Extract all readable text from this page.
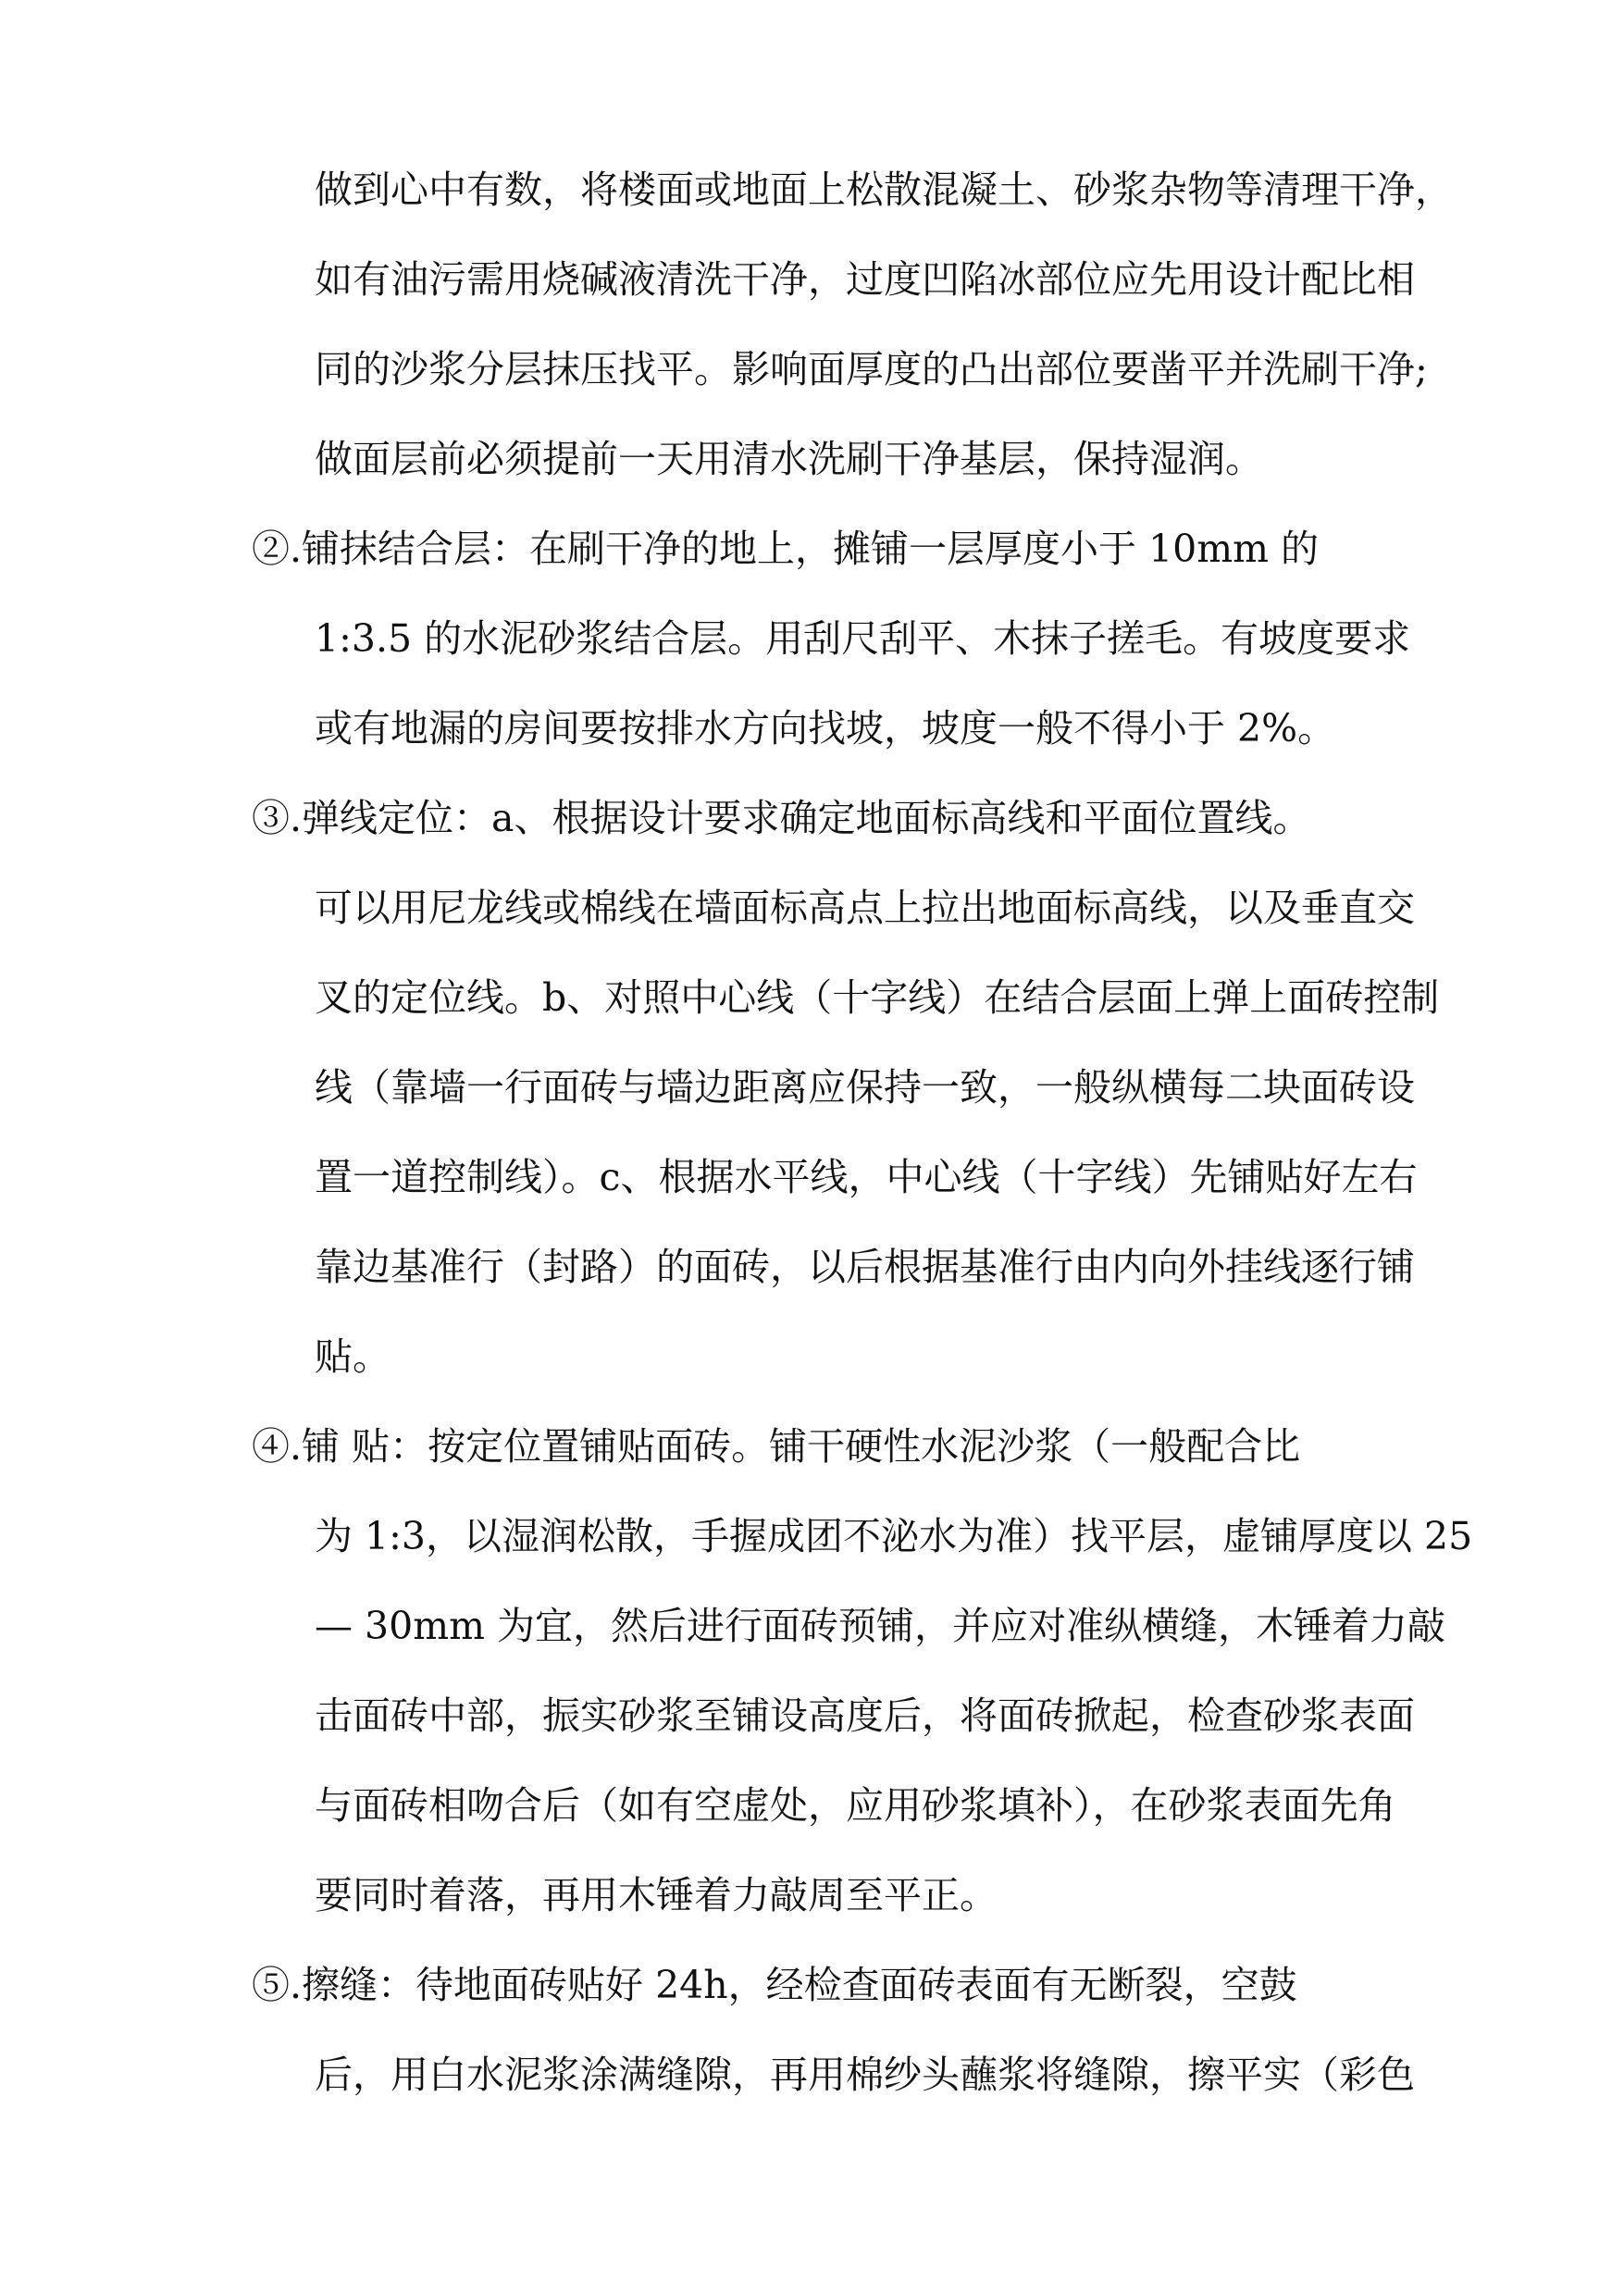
做到心中有数，将楼面或地面上松散混凝土、砂浆杂物等清理干净，
如有油污需用烧碱液清洗干净，过度凹陷冰部位应先用设计配比相
同的沙浆分层抹压找平。影响面厚度的凸出部位要凿平并洗刷干净;
做面层前必须提前一天用清水洗刷干净基层，保持湿润。
②.铺抹结合层：在刷干净的地上，摊铺一层厚度小于 10mm 的
1:3.5 的水泥砂浆结合层。用刮尺刮平、木抹子搓毛。有坡度要求
或有地漏的房间要按排水方向找坡，坡度一般不得小于 2%。
③.弹线定位：a、根据设计要求确定地面标高线和平面位置线。
可以用尼龙线或棉线在墙面标高点上拉出地面标高线，以及垂直交
叉的定位线。b、对照中心线（十字线）在结合层面上弹上面砖控制
线（靠墙一行面砖与墙边距离应保持一致，一般纵横每二块面砖设
置一道控制线）。c、根据水平线，中心线（十字线）先铺贴好左右
靠边基准行（封路）的面砖，以后根据基准行由内向外挂线逐行铺
贴。
④.铺 贴：按定位置铺贴面砖。铺干硬性水泥沙浆（一般配合比
为 1:3，以湿润松散，手握成团不泌水为准）找平层，虚铺厚度以 25
— 30mm 为宜，然后进行面砖预铺，并应对准纵横缝，木锤着力敲
击面砖中部，振实砂浆至铺设高度后，将面砖掀起，检查砂浆表面
与面砖相吻合后（如有空虚处，应用砂浆填补），在砂浆表面先角
要同时着落，再用木锤着力敲周至平正。
⑤.擦缝：待地面砖贴好 24h，经检查面砖表面有无断裂，空鼓
后，用白水泥浆涂满缝隙，再用棉纱头蘸浆将缝隙，擦平实（彩色
